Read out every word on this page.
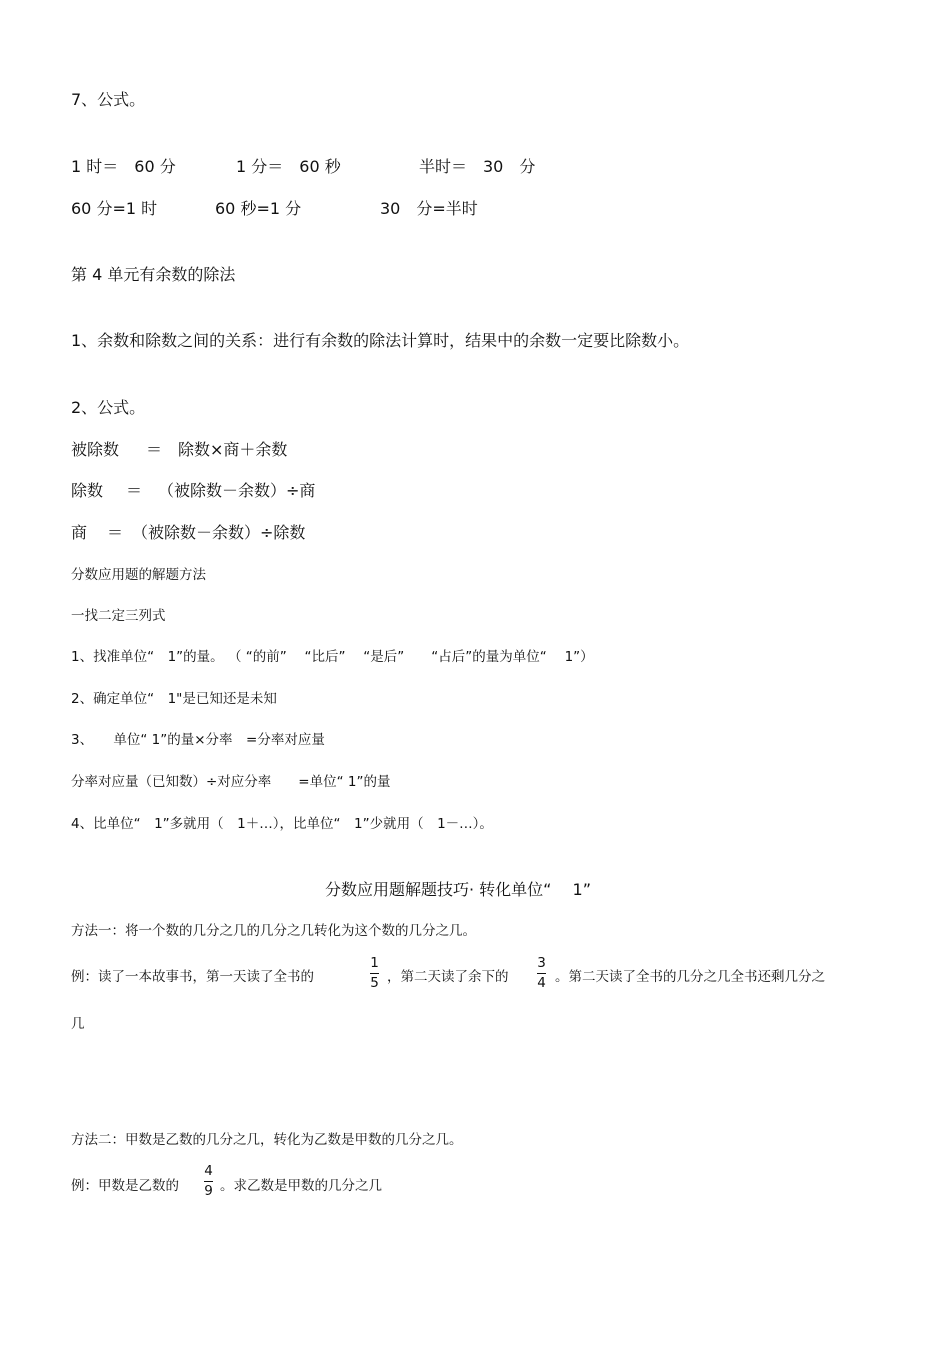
7、公式。
1 时＝　60 分	1 分＝　60 秒	半时＝　30　分
60 分=1 时	60 秒=1 分	30　分=半时
第 4 单元有余数的除法
1、余数和除数之间的关系：进行有余数的除法计算时，结果中的余数一定要比除数小。
2、公式。
被除数 ＝ 除数×商＋余数
除数 ＝ （被除数－余数）÷商
商 ＝ （被除数－余数）÷除数
分数应用题的解题方法
一找二定三列式
1、找准单位“　1”的量。 （ “的前”　 “比后”　 “是后”　　“占后”的量为单位“　 1”）
2、确定单位“　1"是已知还是未知
3、　　单位“ 1”的量×分率　=分率对应量
分率对应量（已知数）÷对应分率　　=单位“ 1”的量
4、比单位“　1”多就用（　1＋…），比单位“　1”少就用（　1－…）。
分数应用题解题技巧· 转化单位“　 1”
方法一：将一个数的几分之几的几分之几转化为这个数的几分之几。
例：读了一本故事书，第一天读了全书的
1
5 ，第二天读了余下的
3
4 。第二天读了全书的几分之几全书还剩几分之
几
方法二：甲数是乙数的几分之几，转化为乙数是甲数的几分之几。
例：甲数是乙数的
4
9 。求乙数是甲数的几分之几
